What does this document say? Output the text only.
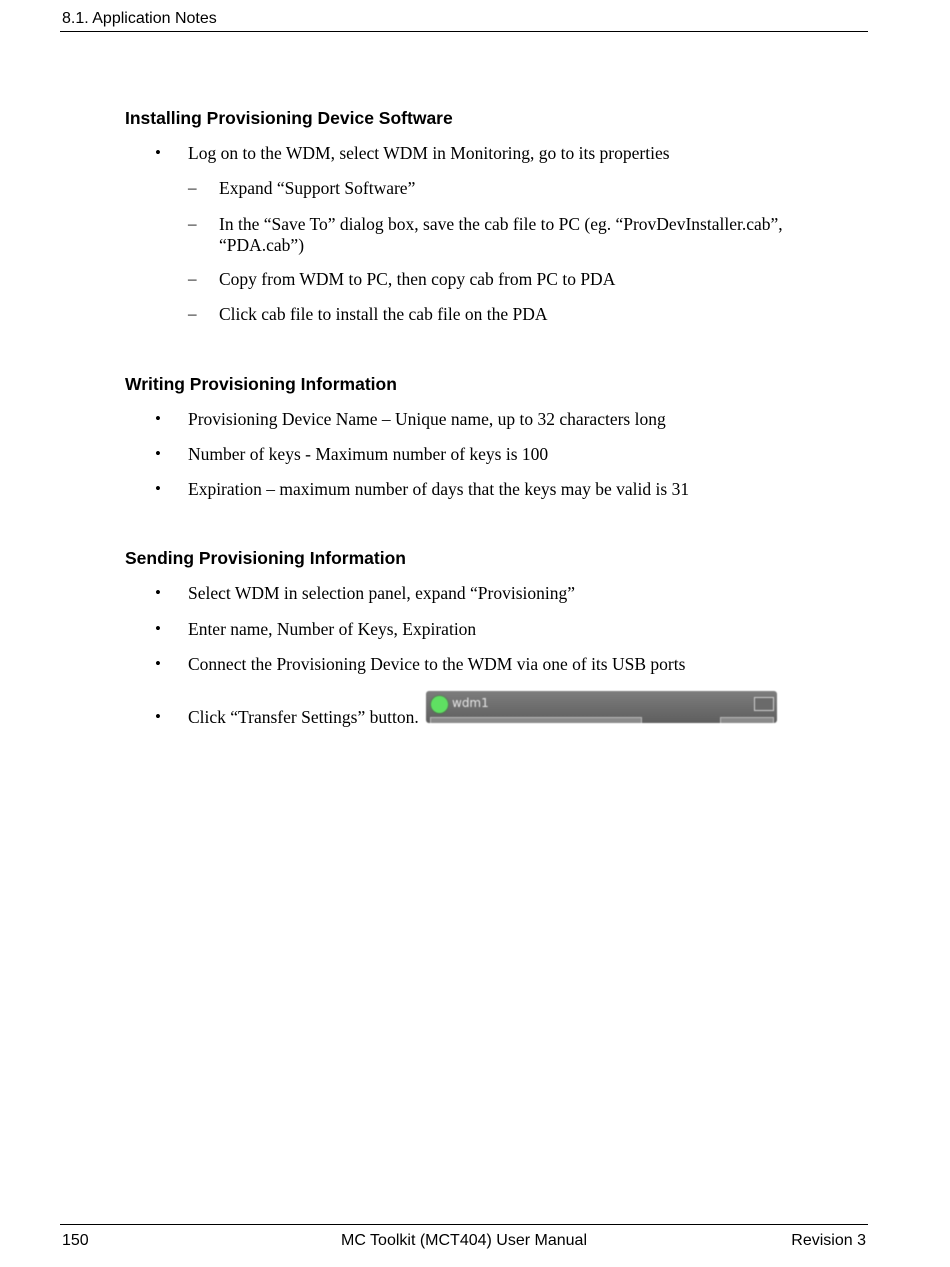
8.1. Application Notes
Installing Provisioning Device Software
• Log on to the WDM, select WDM in Monitoring, go to its properties
– Expand “Support Software”
– In the “Save To” dialog box, save the cab file to PC (eg. “ProvDevInstaller.cab”, “PDA.cab”)
– Copy from WDM to PC, then copy cab from PC to PDA
– Click cab file to install the cab file on the PDA
Writing Provisioning Information
• Provisioning Device Name – Unique name, up to 32 characters long
• Number of keys - Maximum number of keys is 100
• Expiration – maximum number of days that the keys may be valid is 31
Sending Provisioning Information
• Select WDM in selection panel, expand “Provisioning”
• Enter name, Number of Keys, Expiration
• Connect the Provisioning Device to the WDM via one of its USB ports
• Click “Transfer Settings” button.
wdm1
150	MC Toolkit (MCT404) User Manual	Revision 3
